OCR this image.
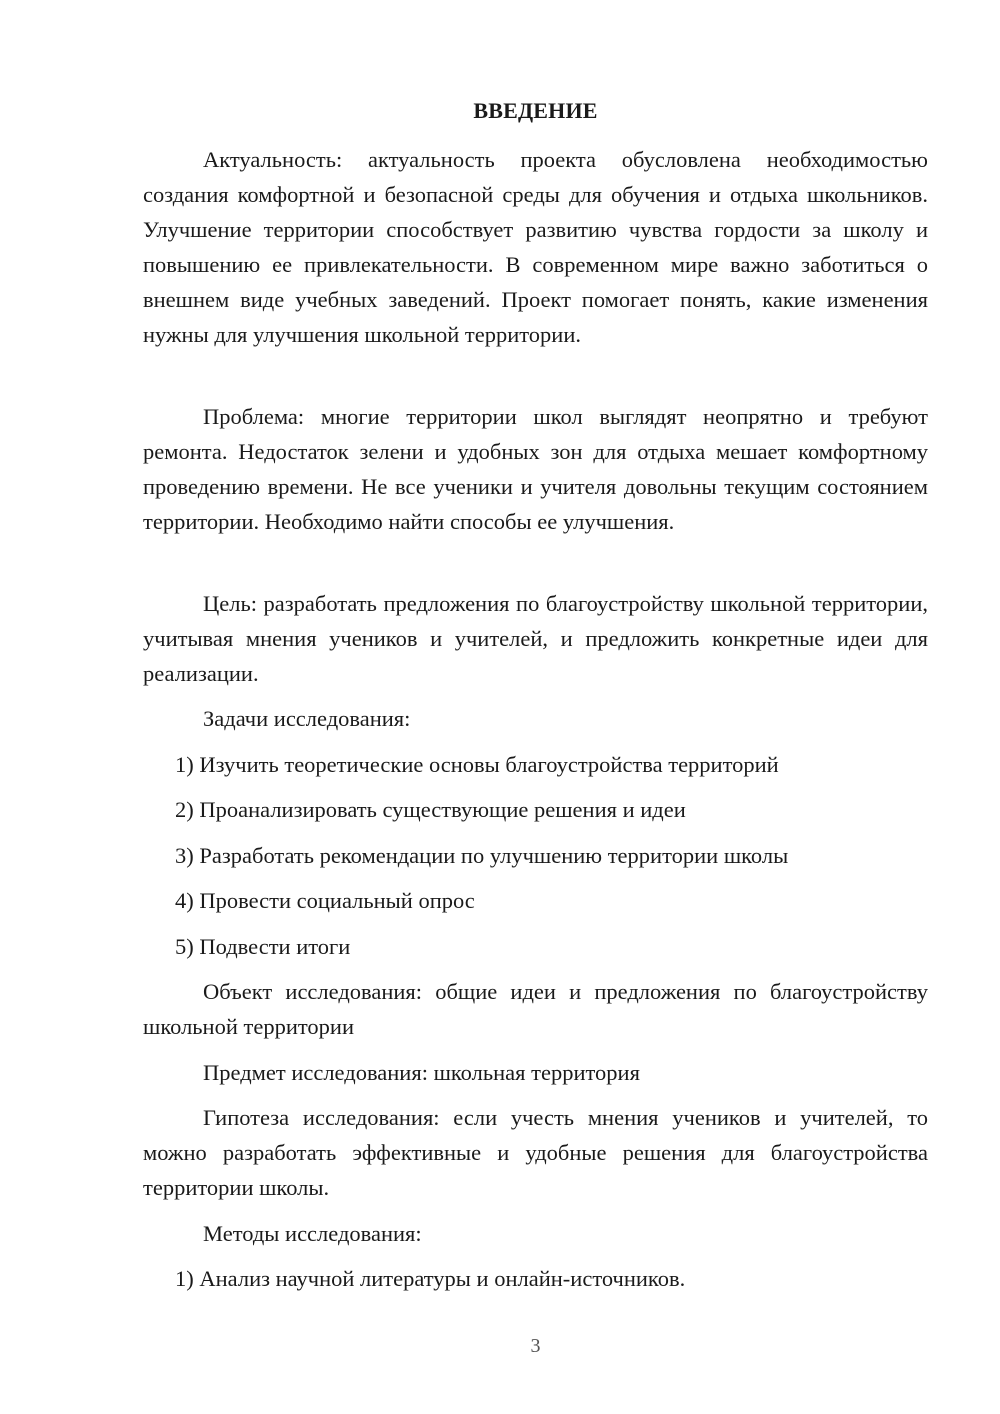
ВВЕДЕНИЕ

Актуальность: актуальность проекта обусловлена необходимостью создания комфортной и безопасной среды для обучения и отдыха школьников. Улучшение территории способствует развитию чувства гордости за школу и повышению ее привлекательности. В современном мире важно заботиться о внешнем виде учебных заведений. Проект помогает понять, какие изменения нужны для улучшения школьной территории.

Проблема: многие территории школ выглядят неопрятно и требуют ремонта. Недостаток зелени и удобных зон для отдыха мешает комфортному проведению времени. Не все ученики и учителя довольны текущим состоянием территории. Необходимо найти способы ее улучшения.

Цель: разработать предложения по благоустройству школьной территории, учитывая мнения учеников и учителей, и предложить конкретные идеи для реализации.

Задачи исследования:

1) Изучить теоретические основы благоустройства территорий

2) Проанализировать существующие решения и идеи

3) Разработать рекомендации по улучшению территории школы

4) Провести социальный опрос

5) Подвести итоги

Объект исследования: общие идеи и предложения по благоустройству школьной территории

Предмет исследования: школьная территория

Гипотеза исследования: если учесть мнения учеников и учителей, то можно разработать эффективные и удобные решения для благоустройства территории школы.

Методы исследования:

1) Анализ научной литературы и онлайн-источников.

3
